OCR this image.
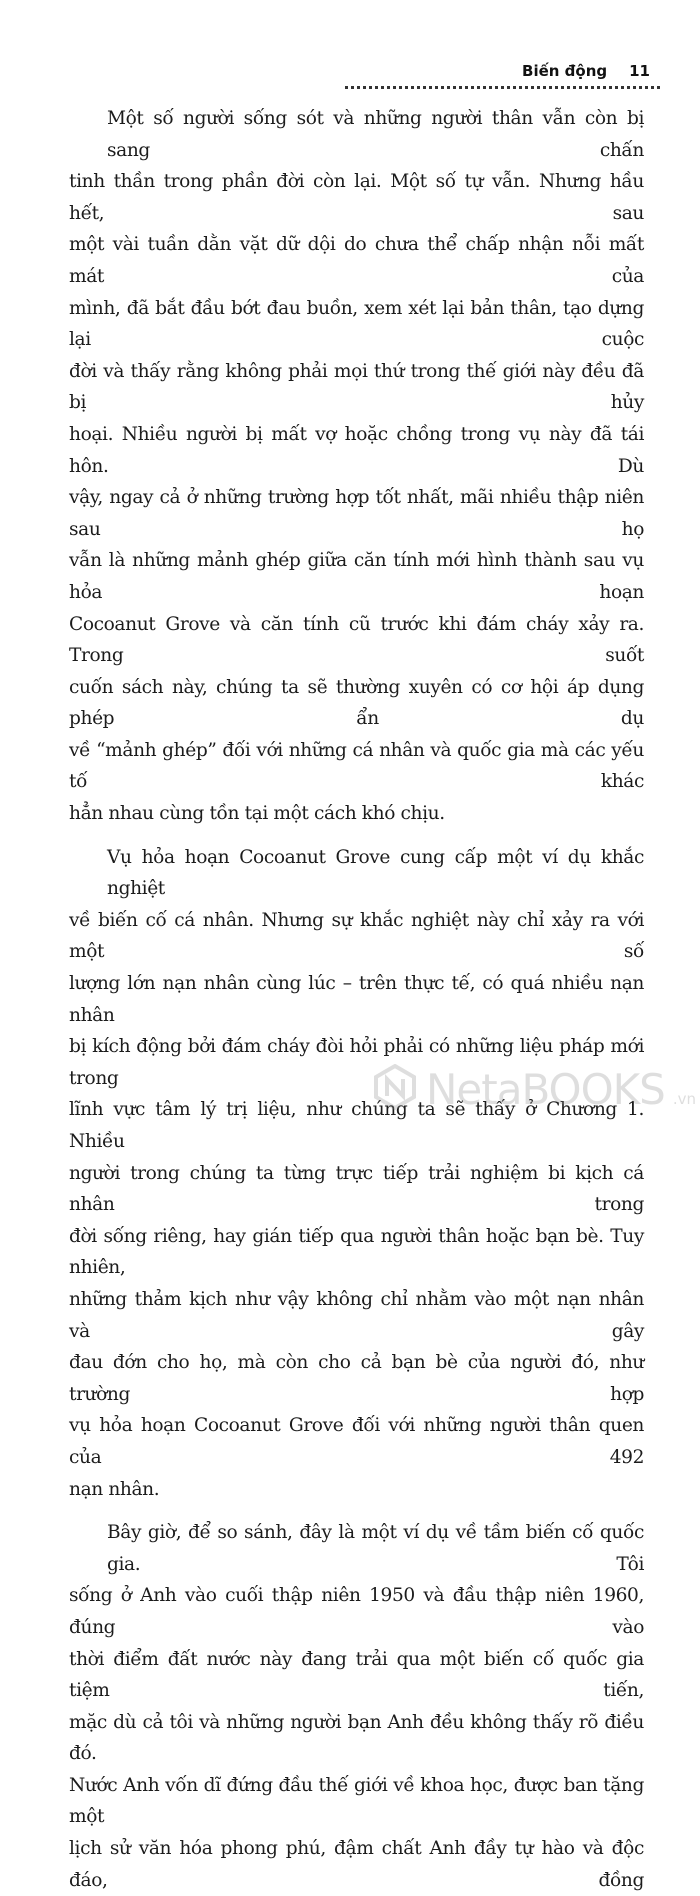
Biến động 11

Một số người sống sót và những người thân vẫn còn bị sang chấn
tinh thần trong phần đời còn lại. Một số tự vẫn. Nhưng hầu hết, sau
một vài tuần dằn vặt dữ dội do chưa thể chấp nhận nỗi mất mát của
mình, đã bắt đầu bớt đau buồn, xem xét lại bản thân, tạo dựng lại cuộc
đời và thấy rằng không phải mọi thứ trong thế giới này đều đã bị hủy
hoại. Nhiều người bị mất vợ hoặc chồng trong vụ này đã tái hôn. Dù
vậy, ngay cả ở những trường hợp tốt nhất, mãi nhiều thập niên sau họ
vẫn là những mảnh ghép giữa căn tính mới hình thành sau vụ hỏa hoạn
Cocoanut Grove và căn tính cũ trước khi đám cháy xảy ra. Trong suốt
cuốn sách này, chúng ta sẽ thường xuyên có cơ hội áp dụng phép ẩn dụ
về “mảnh ghép” đối với những cá nhân và quốc gia mà các yếu tố khác
hẳn nhau cùng tồn tại một cách khó chịu.

Vụ hỏa hoạn Cocoanut Grove cung cấp một ví dụ khắc nghiệt
về biến cố cá nhân. Nhưng sự khắc nghiệt này chỉ xảy ra với một số
lượng lớn nạn nhân cùng lúc – trên thực tế, có quá nhiều nạn nhân
bị kích động bởi đám cháy đòi hỏi phải có những liệu pháp mới trong
lĩnh vực tâm lý trị liệu, như chúng ta sẽ thấy ở Chương 1. Nhiều
người trong chúng ta từng trực tiếp trải nghiệm bi kịch cá nhân trong
đời sống riêng, hay gián tiếp qua người thân hoặc bạn bè. Tuy nhiên,
những thảm kịch như vậy không chỉ nhằm vào một nạn nhân và gây
đau đớn cho họ, mà còn cho cả bạn bè của người đó, như trường hợp
vụ hỏa hoạn Cocoanut Grove đối với những người thân quen của 492
nạn nhân.

Bây giờ, để so sánh, đây là một ví dụ về tầm biến cố quốc gia. Tôi
sống ở Anh vào cuối thập niên 1950 và đầu thập niên 1960, đúng vào
thời điểm đất nước này đang trải qua một biến cố quốc gia tiệm tiến,
mặc dù cả tôi và những người bạn Anh đều không thấy rõ điều đó.
Nước Anh vốn dĩ đứng đầu thế giới về khoa học, được ban tặng một
lịch sử văn hóa phong phú, đậm chất Anh đầy tự hào và độc đáo, đồng

NetaBOOKS .vn
